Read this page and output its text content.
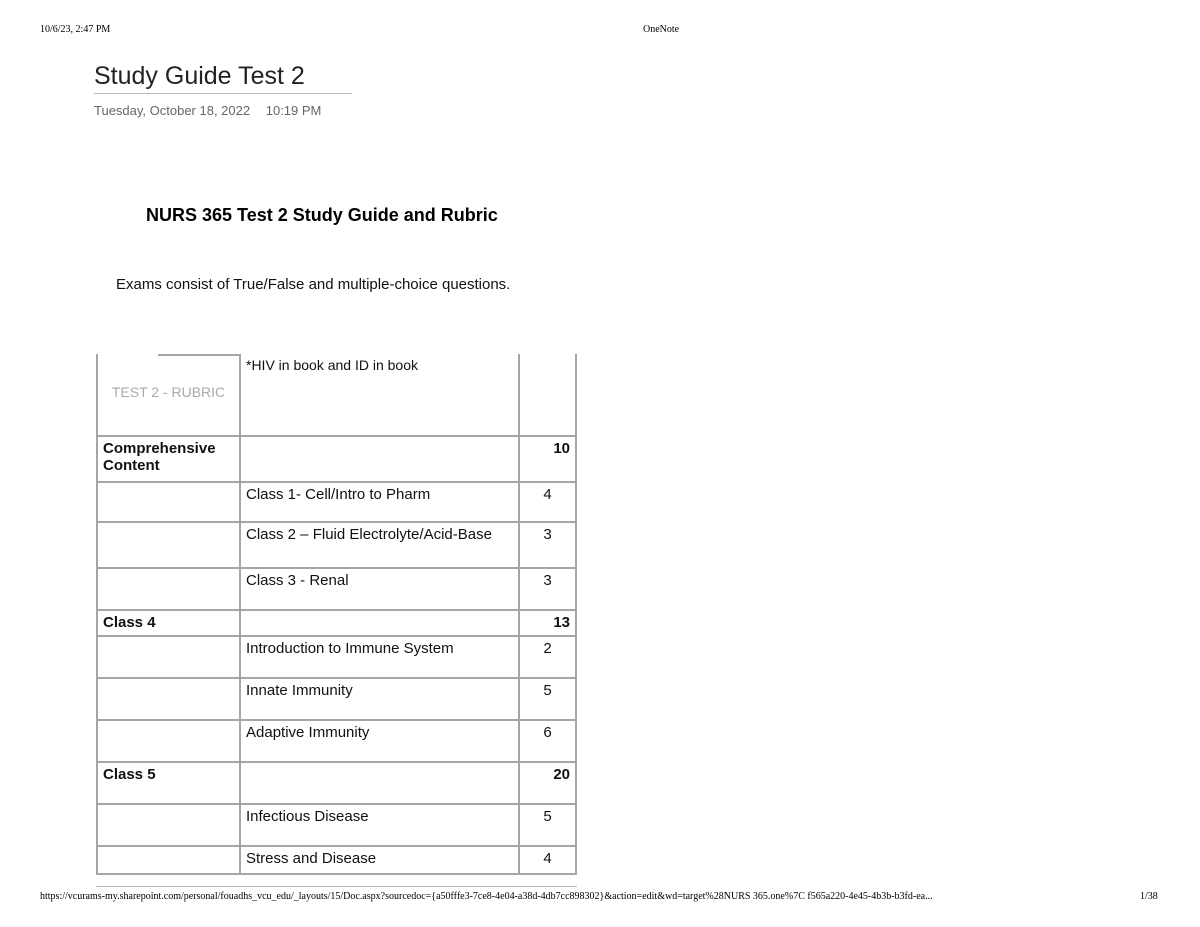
10/6/23, 2:47 PM	OneNote
Study Guide Test 2
Tuesday, October 18, 2022 10:19 PM
NURS 365 Test 2 Study Guide and Rubric
Exams consist of True/False and multiple-choice questions.
TEST 2 - RUBRIC	*HIV in book and ID in book	
Comprehensive Content		10
	Class 1- Cell/Intro to Pharm	4
	Class 2 – Fluid Electrolyte/Acid-Base	3
	Class 3 - Renal	3
Class 4		13
	Introduction to Immune System	2
	Innate Immunity	5
	Adaptive Immunity	6
Class 5		20
	Infectious Disease	5
	Stress and Disease	4
https://vcurams-my.sharepoint.com/personal/fouadhs_vcu_edu/_layouts/15/Doc.aspx?sourcedoc={a50fffe3-7ce8-4e04-a38d-4db7cc898302}&action=edit&wd=target%28NURS 365.one%7C f565a220-4e45-4b3b-b3fd-ea...	1/38
